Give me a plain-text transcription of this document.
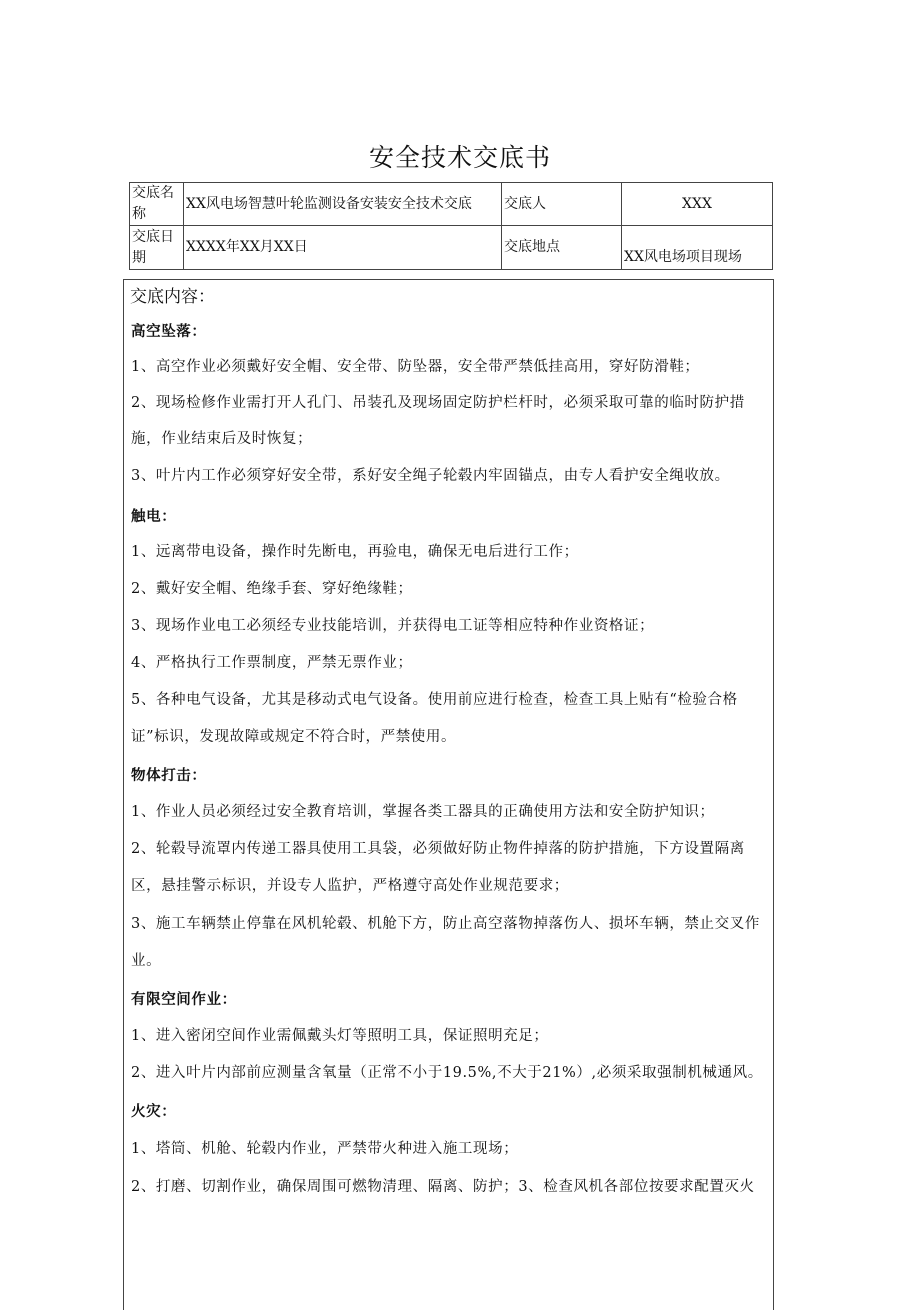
安全技术交底书
交底名称	XX风电场智慧叶轮监测设备安装安全技术交底	交底人	XXX
交底日期	XXXX年XX月XX日	交底地点	XX风电场项目现场
交底内容：
高空坠落：
1、高空作业必须戴好安全帽、安全带、防坠器，安全带严禁低挂高用，穿好防滑鞋；
2、现场检修作业需打开人孔门、吊装孔及现场固定防护栏杆时，必须采取可靠的临时防护措
施，作业结束后及时恢复；
3、叶片内工作必须穿好安全带，系好安全绳子轮毂内牢固锚点，由专人看护安全绳收放。
触电：
1、远离带电设备，操作时先断电，再验电，确保无电后进行工作；
2、戴好安全帽、绝缘手套、穿好绝缘鞋；
3、现场作业电工必须经专业技能培训，并获得电工证等相应特种作业资格证；
4、严格执行工作票制度，严禁无票作业；
5、各种电气设备，尤其是移动式电气设备。使用前应进行检查，检查工具上贴有“检验合格
证”标识，发现故障或规定不符合时，严禁使用。
物体打击：
1、作业人员必须经过安全教育培训，掌握各类工器具的正确使用方法和安全防护知识；
2、轮毂导流罩内传递工器具使用工具袋，必须做好防止物件掉落的防护措施，下方设置隔离
区，悬挂警示标识，并设专人监护，严格遵守高处作业规范要求；
3、施工车辆禁止停靠在风机轮毂、机舱下方，防止高空落物掉落伤人、损坏车辆，禁止交叉作
业。
有限空间作业：
1、进入密闭空间作业需佩戴头灯等照明工具，保证照明充足；
2、进入叶片内部前应测量含氧量（正常不小于19.5%,不大于21%）,必须采取强制机械通风。
火灾：
1、塔筒、机舱、轮毂内作业，严禁带火种进入施工现场；
2、打磨、切割作业，确保周围可燃物清理、隔离、防护；3、检查风机各部位按要求配置灭火
